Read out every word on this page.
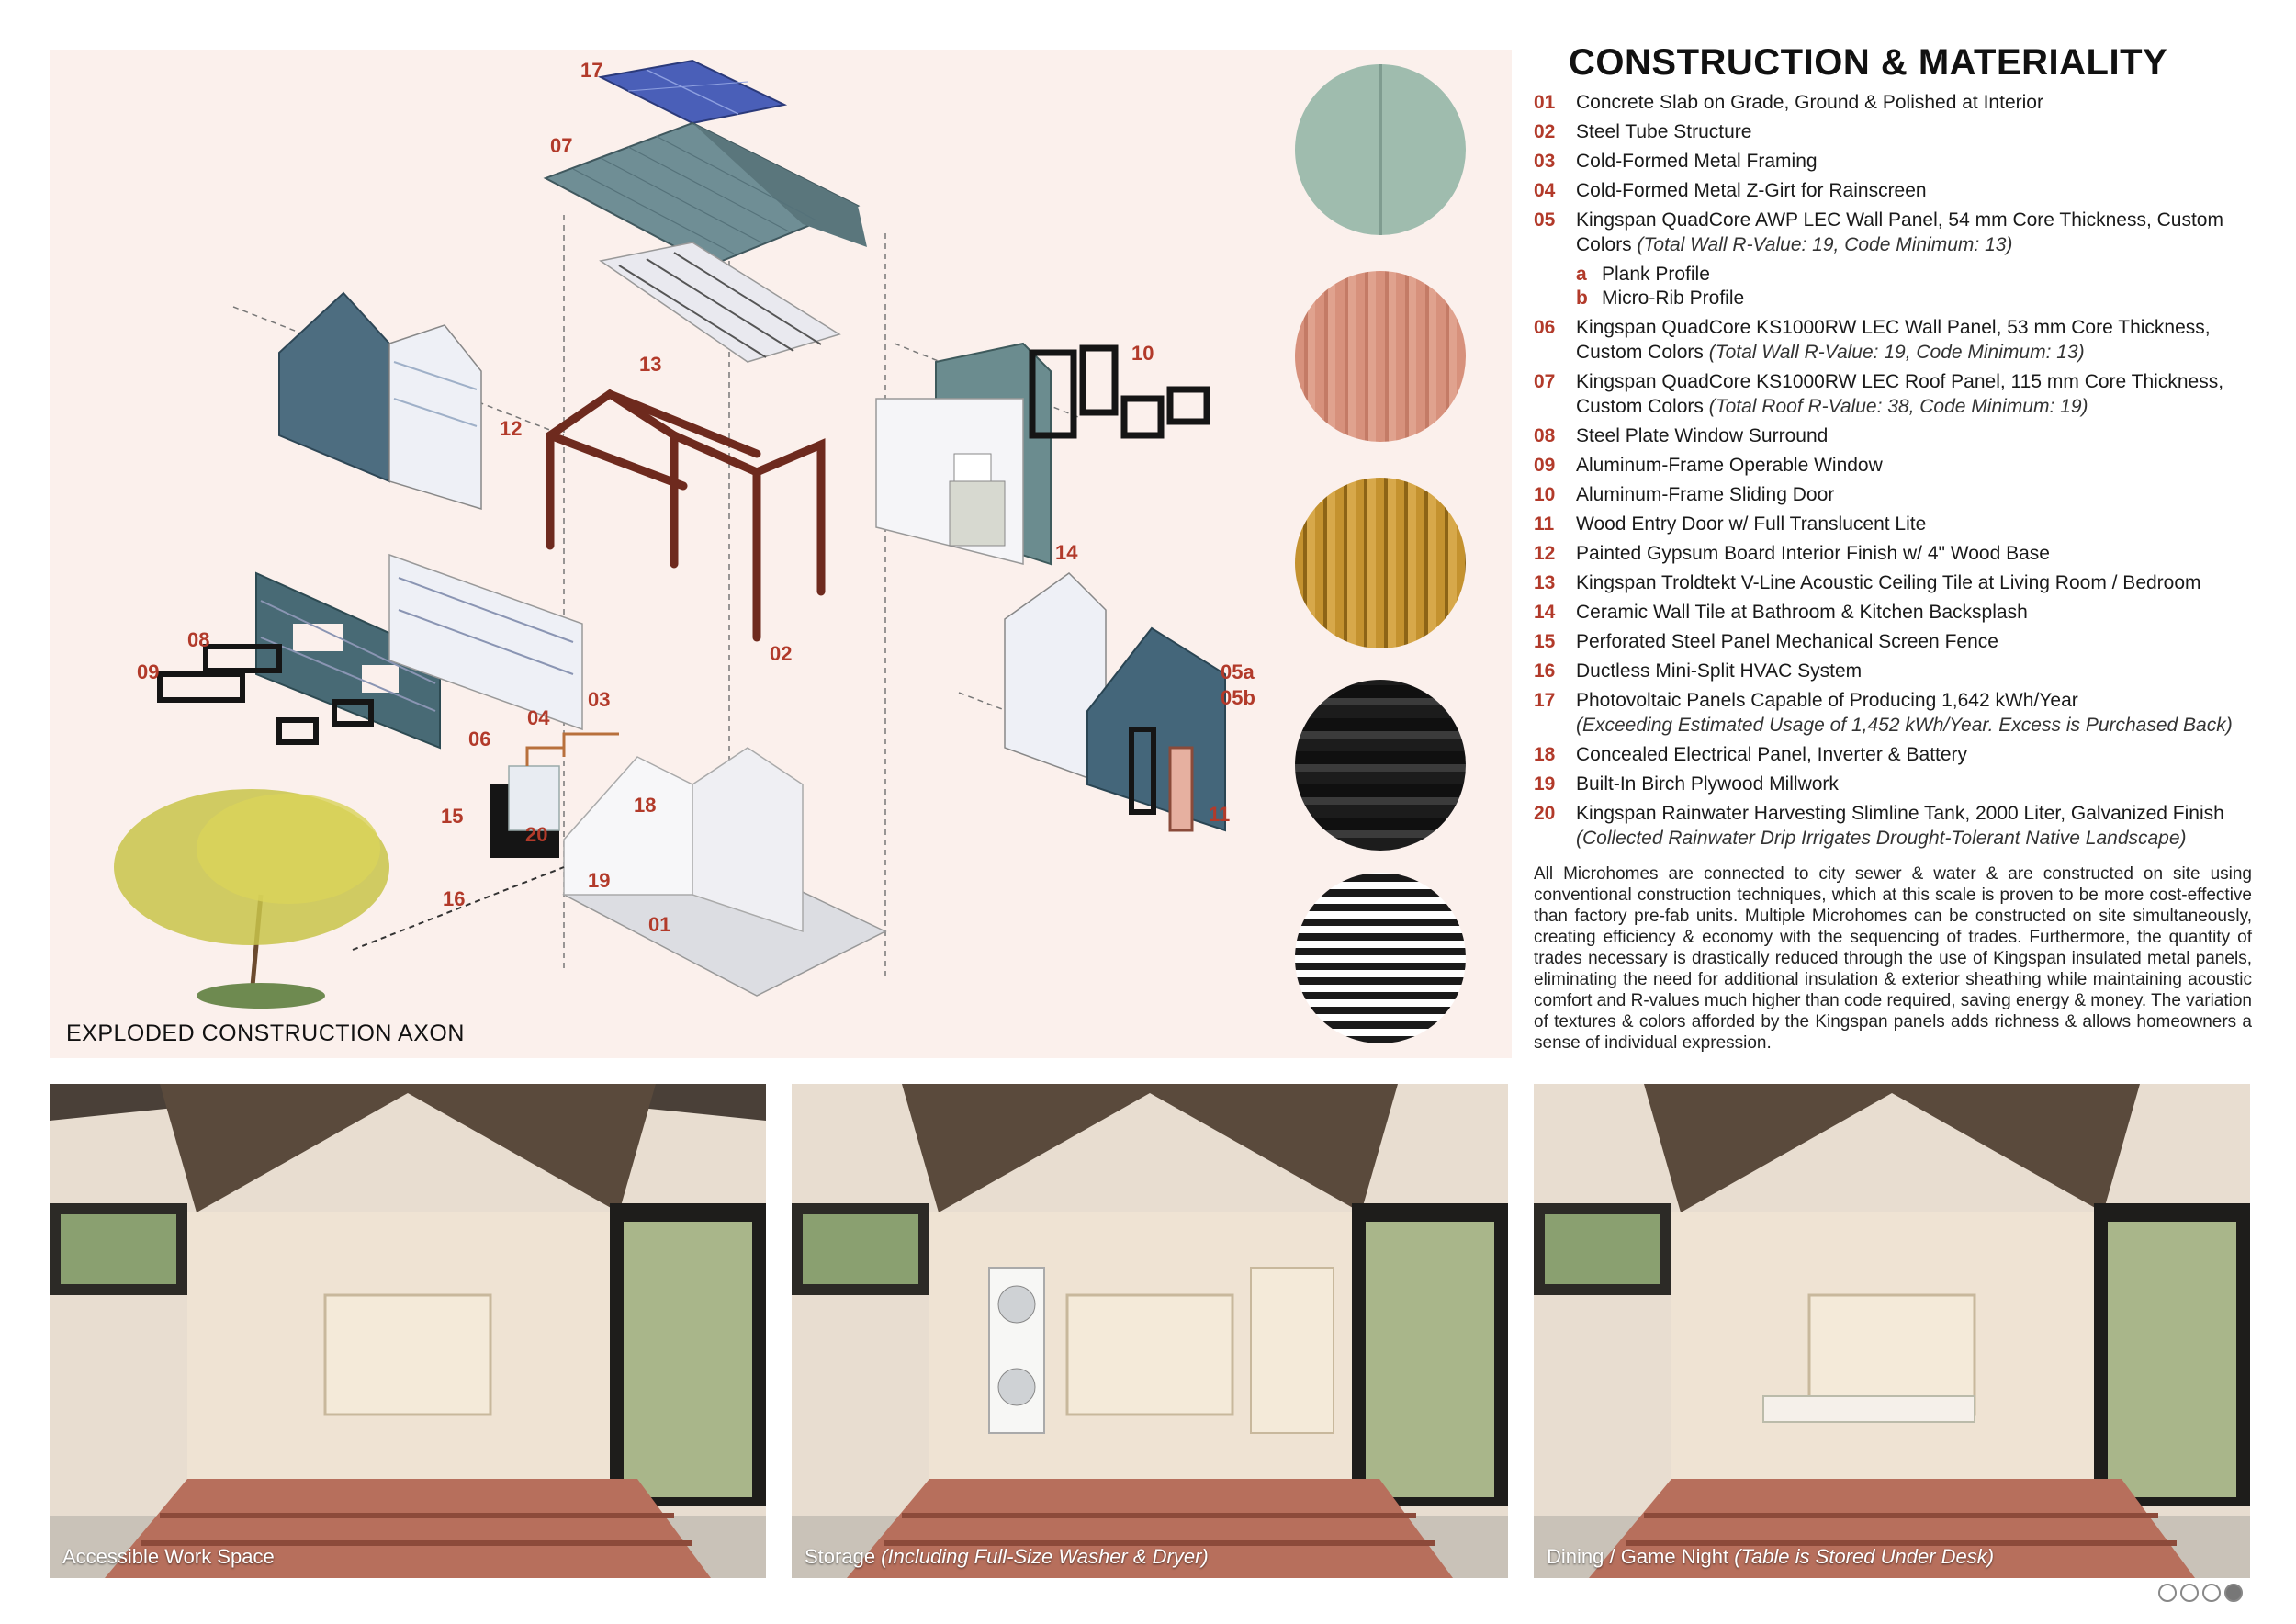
17
07
13
12
10
14
08
09
06
04
03
02
05a
05b
11
15
20
18
16
19
01
EXPLODED CONSTRUCTION AXON
CONSTRUCTION & MATERIALITY
01 Concrete Slab on Grade, Ground & Polished at Interior
02 Steel Tube Structure
03 Cold-Formed Metal Framing
04 Cold-Formed Metal Z-Girt for Rainscreen
05 Kingspan QuadCore AWP LEC Wall Panel, 54 mm Core Thickness, Custom Colors (Total Wall R-Value: 19, Code Minimum: 13)
a Plank Profile
b Micro-Rib Profile
06 Kingspan QuadCore KS1000RW LEC Wall Panel, 53 mm Core Thickness, Custom Colors (Total Wall R-Value: 19, Code Minimum: 13)
07 Kingspan QuadCore KS1000RW LEC Roof Panel, 115 mm Core Thickness, Custom Colors (Total Roof R-Value: 38, Code Minimum: 19)
08 Steel Plate Window Surround
09 Aluminum-Frame Operable Window
10 Aluminum-Frame Sliding Door
11 Wood Entry Door w/ Full Translucent Lite
12 Painted Gypsum Board Interior Finish w/ 4" Wood Base
13 Kingspan Troldtekt V-Line Acoustic Ceiling Tile at Living Room / Bedroom
14 Ceramic Wall Tile at Bathroom & Kitchen Backsplash
15 Perforated Steel Panel Mechanical Screen Fence
16 Ductless Mini-Split HVAC System
17 Photovoltaic Panels Capable of Producing 1,642 kWh/Year
(Exceeding Estimated Usage of 1,452 kWh/Year. Excess is Purchased Back)
18 Concealed Electrical Panel, Inverter & Battery
19 Built-In Birch Plywood Millwork
20 Kingspan Rainwater Harvesting Slimline Tank, 2000 Liter, Galvanized Finish
(Collected Rainwater Drip Irrigates Drought-Tolerant Native Landscape)
All Microhomes are connected to city sewer & water & are constructed on site using conventional construction techniques, which at this scale is proven to be more cost-effective than factory pre-fab units. Multiple Microhomes can be constructed on site simultaneously, creating efficiency & economy with the sequencing of trades. Furthermore, the quantity of trades necessary is drastically reduced through the use of Kingspan insulated metal panels, eliminating the need for additional insulation & exterior sheathing while maintaining acoustic comfort and R-values much higher than code required, saving energy & money. The variation of textures & colors afforded by the Kingspan panels adds richness & allows homeowners a sense of individual expression.
Accessible Work Space	Storage (Including Full-Size Washer & Dryer)	Dining / Game Night (Table is Stored Under Desk)
